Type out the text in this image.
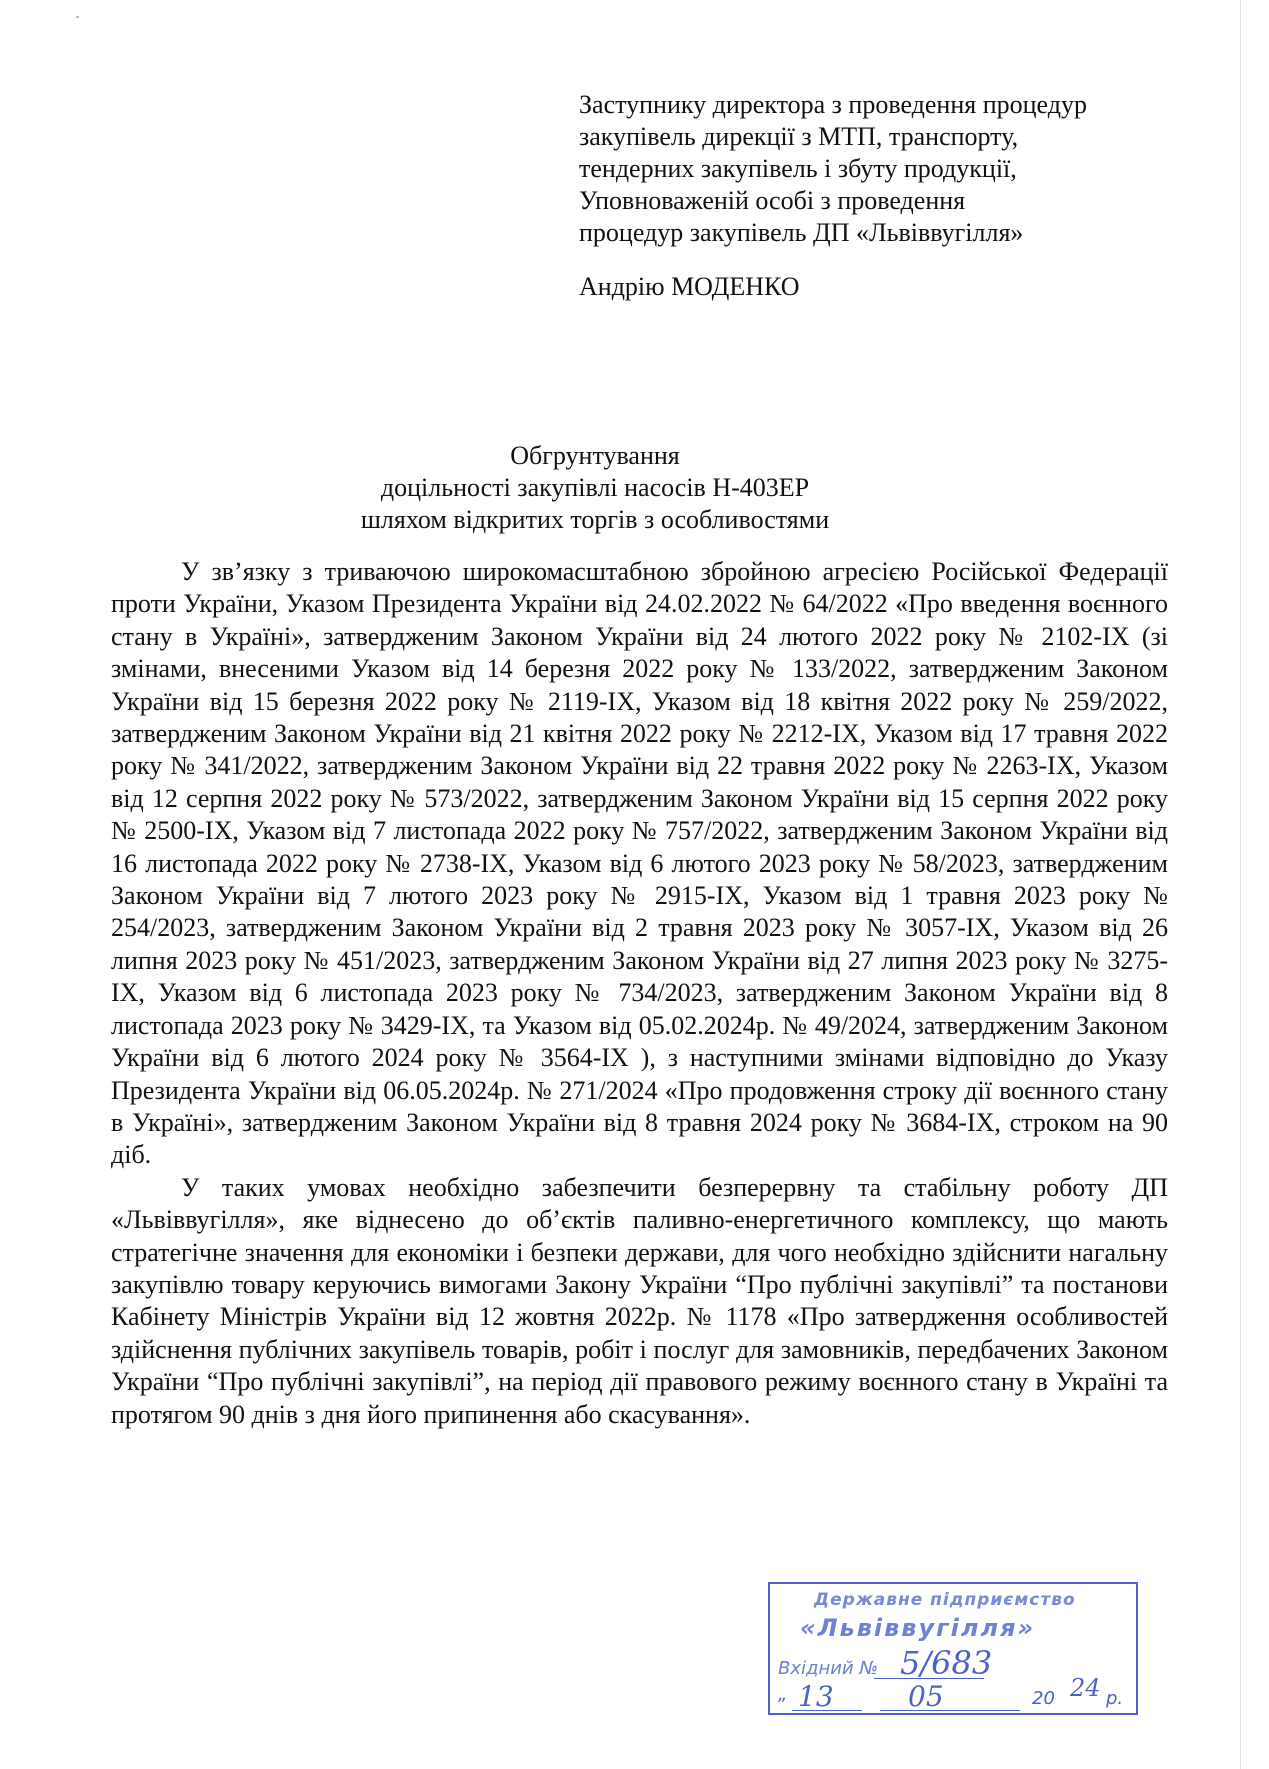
Заступнику директора з проведення процедур
закупівель дирекції з МТП, транспорту,
тендерних закупівель і збуту продукції,
Уповноваженій особі з проведення
процедур закупівель ДП «Львіввугілля»
Андрію МОДЕНКО
Обгрунтування
доцільності закупівлі насосів Н-403ЕР
шляхом відкритих торгів з особливостями

У зв’язку з триваючою широкомасштабною збройною агресією Російської Федерації проти України, Указом Президента України від 24.02.2022 № 64/2022 «Про введення воєнного стану в Україні», затвердженим Законом України від 24 лютого 2022 року № 2102-IX (зі змінами, внесеними Указом від 14 березня 2022 року № 133/2022, затвердженим Законом України від 15 березня 2022 року № 2119-IX, Указом від 18 квітня 2022 року № 259/2022, затвердженим Законом України від 21 квітня 2022 року № 2212-IX, Указом від 17 травня 2022 року № 341/2022, затвердженим Законом України від 22 травня 2022 року № 2263-IX, Указом від 12 серпня 2022 року № 573/2022, затвердженим Законом України від 15 серпня 2022 року № 2500-IX, Указом від 7 листопада 2022 року № 757/2022, затвердженим Законом України від 16 листопада 2022 року № 2738-IX, Указом від 6 лютого 2023 року № 58/2023, затвердженим Законом України від 7 лютого 2023 року № 2915-IX, Указом від 1 травня 2023 року № 254/2023, затвердженим Законом України від 2 травня 2023 року № 3057-IX, Указом від 26 липня 2023 року № 451/2023, затвердженим Законом України від 27 липня 2023 року № 3275-IX, Указом від 6 листопада 2023 року № 734/2023, затвердженим Законом України від 8 листопада 2023 року № 3429-IX, та Указом від 05.02.2024р. № 49/2024, затвердженим Законом України від 6 лютого 2024 року № 3564-IX ), з наступними змінами відповідно до Указу Президента України від 06.05.2024р. № 271/2024 «Про продовження строку дії воєнного стану в Україні», затвердженим Законом України від 8 травня 2024 року № 3684-IX, строком на 90 діб.

У таких умовах необхідно забезпечити безперервну та стабільну роботу ДП «Львіввугілля», яке віднесено до об’єктів паливно-енергетичного комплексу, що мають стратегічне значення для економіки і безпеки держави, для чого необхідно здійснити нагальну закупівлю товару керуючись вимогами Закону України “Про публічні закупівлі” та постанови Кабінету Міністрів України від 12 жовтня 2022р. № 1178 «Про затвердження особливостей здійснення публічних закупівель товарів, робіт і послуг для замовників, передбачених Законом України “Про публічні закупівлі”, на період дії правового режиму воєнного стану в Україні та протягом 90 днів з дня його припинення або скасування».

Державне підприємство
«Львіввугілля»
Вхідний № 5/683
„ 13	05	20 24 р.
